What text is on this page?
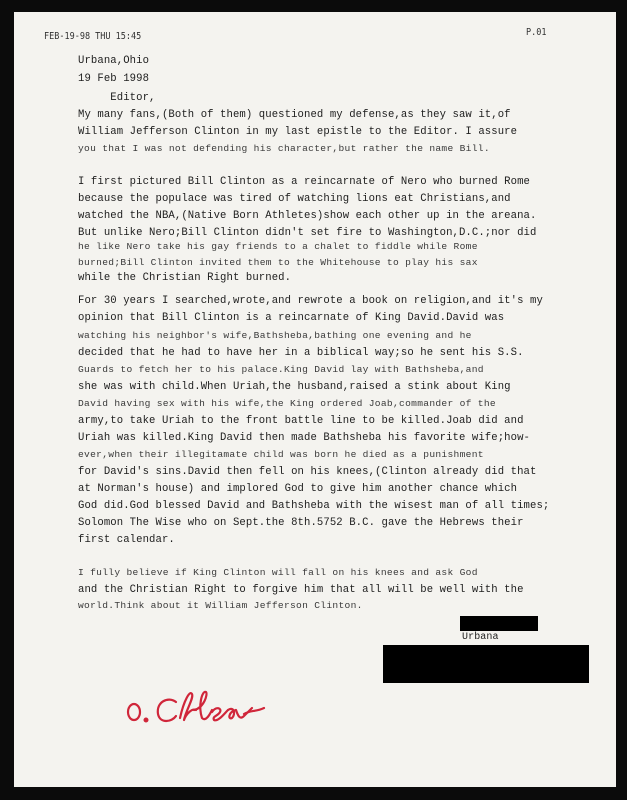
FEB-19-98 THU 15:45	P.01
Urbana,Ohio
19 Feb 1998
Editor,
My many fans,(Both of them) questioned my defense,as they saw it,of
William Jefferson Clinton in my last epistle to the Editor. I assure
you that I was not defending his character,but rather the name Bill.
I first pictured Bill Clinton as a reincarnate of Nero who burned Rome
because the populace was tired of watching lions eat Christians,and
watched the NBA,(Native Born Athletes)show each other up in the areana.
But unlike Nero;Bill Clinton didn't set fire to Washington,D.C.;nor did
he like Nero take his gay friends to a chalet to fiddle while Rome
burned;Bill Clinton invited them to the Whitehouse to play his sax
while the Christian Right burned.
For 30 years I searched,wrote,and rewrote a book on religion,and it's my
opinion that Bill Clinton is a reincarnate of King David.David was
watching his neighbor's wife,Bathsheba,bathing one evening and he
decided that he had to have her in a biblical way;so he sent his S.S.
Guards to fetch her to his palace.King David lay with Bathsheba,and
she was with child.When Uriah,the husband,raised a stink about King
David having sex with his wife,the King ordered Joab,commander of the
army,to take Uriah to the front battle line to be killed.Joab did and
Uriah was killed.King David then made Bathsheba his favorite wife;how-
ever,when their illegitamate child was born he died as a punishment
for David's sins.David then fell on his knees,(Clinton already did that
at Norman's house) and implored God to give him another chance which
God did.God blessed David and Bathsheba with the wisest man of all times;
Solomon The Wise who on Sept.the 8th.5752 B.C. gave the Hebrews their
first calendar.
I fully believe if King Clinton will fall on his knees and ask God
and the Christian Right to forgive him that all will be well with the
world.Think about it William Jefferson Clinton.
Urbana
